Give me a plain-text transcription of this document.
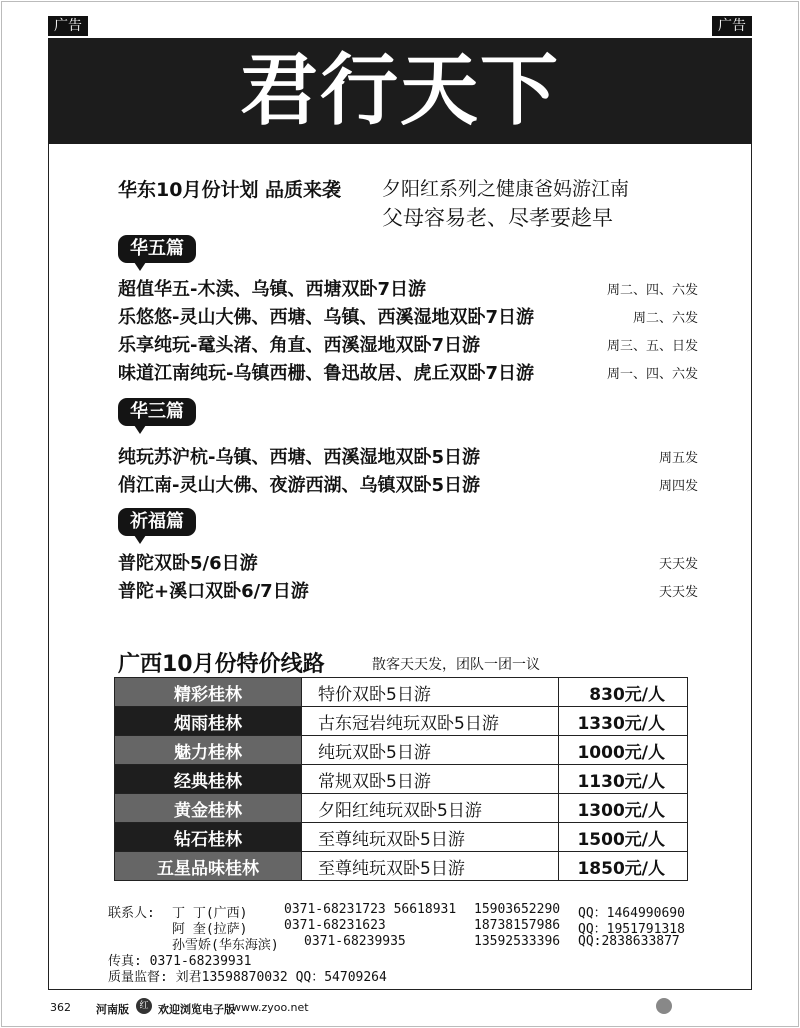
广告	广告
君行天下
华东10月份计划 品质来袭 夕阳红系列之健康爸妈游江南
父母容易老、尽孝要趁早
华五篇
超值华五-木渎、乌镇、西塘双卧7日游	周二、四、六发
乐悠悠-灵山大佛、西塘、乌镇、西溪湿地双卧7日游	周二、六发
乐享纯玩-鼋头渚、角直、西溪湿地双卧7日游	周三、五、日发
味道江南纯玩-乌镇西栅、鲁迅故居、虎丘双卧7日游	周一、四、六发
华三篇
纯玩苏沪杭-乌镇、西塘、西溪湿地双卧5日游	周五发
俏江南-灵山大佛、夜游西湖、乌镇双卧5日游	周四发
祈福篇
普陀双卧5/6日游	天天发
普陀+溪口双卧6/7日游	天天发
广西10月份特价线路	散客天天发，团队一团一议
精彩桂林	特价双卧5日游	830元/人
烟雨桂林	古东冠岩纯玩双卧5日游	1330元/人
魅力桂林	纯玩双卧5日游	1000元/人
经典桂林	常规双卧5日游	1130元/人
黄金桂林	夕阳红纯玩双卧5日游	1300元/人
钻石桂林	至尊纯玩双卧5日游	1500元/人
五星品味桂林	至尊纯玩双卧5日游	1850元/人
联系人: 丁 丁(广西)	0371-68231723 56618931 15903652290 QQ：1464990690
阿 奎(拉萨)	0371-68231623	18738157986 QQ：1951791318
孙雪娇(华东海滨) 0371-68239935	13592533396 QQ:2838633877
传真: 0371-68239931
质量监督: 刘君13598870032 QQ：54709264
362 河南版	红 欢迎浏览电子版
www.zyoo.net
